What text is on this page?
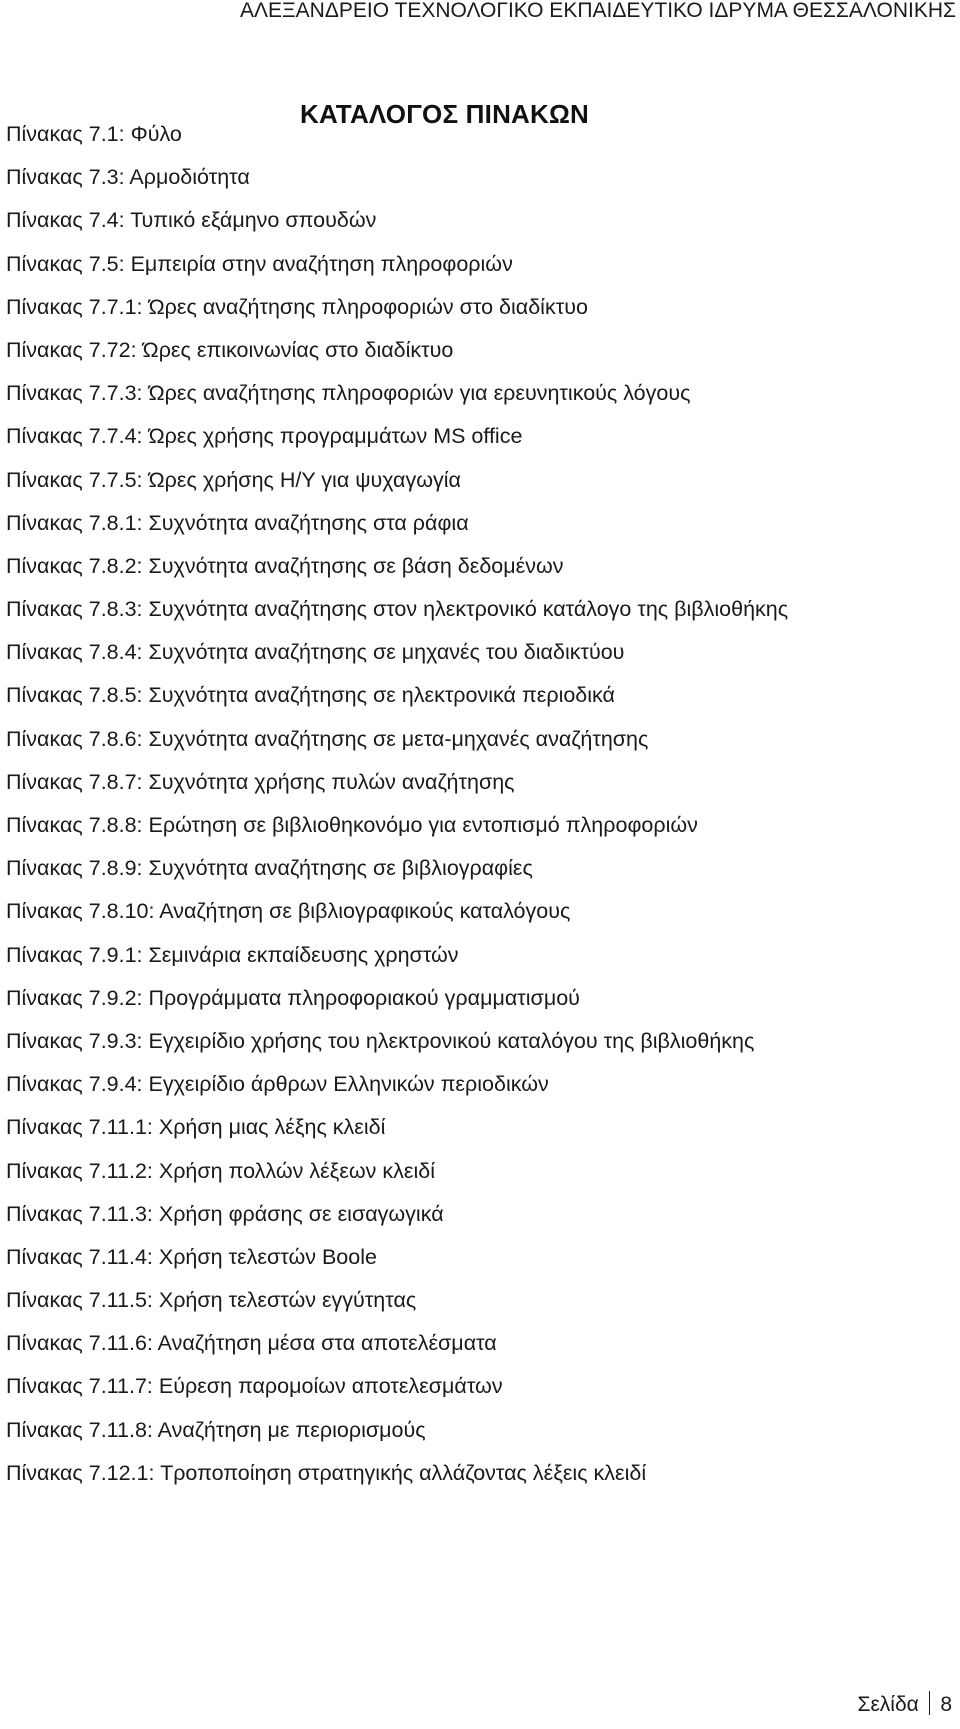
ΑΛΕΞΑΝΔΡΕΙΟ ΤΕΧΝΟΛΟΓΙΚΟ ΕΚΠΑΙΔΕΥΤΙΚΟ ΙΔΡΥΜΑ ΘΕΣΣΑΛΟΝΙΚΗΣ
ΚΑΤΑΛΟΓΟΣ ΠΙΝΑΚΩΝ
Πίνακας 7.1: Φύλο
Πίνακας 7.3: Αρμοδιότητα
Πίνακας 7.4: Τυπικό εξάμηνο σπουδών
Πίνακας 7.5: Εμπειρία στην αναζήτηση πληροφοριών
Πίνακας 7.7.1: Ώρες αναζήτησης πληροφοριών στο διαδίκτυο
Πίνακας 7.72: Ώρες επικοινωνίας στο διαδίκτυο
Πίνακας 7.7.3: Ώρες αναζήτησης πληροφοριών για ερευνητικούς λόγους
Πίνακας 7.7.4: Ώρες χρήσης προγραμμάτων MS office
Πίνακας 7.7.5: Ώρες χρήσης Η/Υ για ψυχαγωγία
Πίνακας 7.8.1: Συχνότητα αναζήτησης στα ράφια
Πίνακας 7.8.2: Συχνότητα αναζήτησης σε βάση δεδομένων
Πίνακας 7.8.3: Συχνότητα αναζήτησης στον ηλεκτρονικό κατάλογο της βιβλιοθήκης
Πίνακας 7.8.4: Συχνότητα αναζήτησης σε μηχανές του διαδικτύου
Πίνακας 7.8.5: Συχνότητα αναζήτησης σε ηλεκτρονικά περιοδικά
Πίνακας 7.8.6: Συχνότητα αναζήτησης σε μετα-μηχανές αναζήτησης
Πίνακας 7.8.7: Συχνότητα χρήσης πυλών αναζήτησης
Πίνακας 7.8.8: Ερώτηση σε βιβλιοθηκονόμο για εντοπισμό πληροφοριών
Πίνακας 7.8.9: Συχνότητα αναζήτησης σε βιβλιογραφίες
Πίνακας 7.8.10: Αναζήτηση σε βιβλιογραφικούς καταλόγους
Πίνακας 7.9.1: Σεμινάρια εκπαίδευσης χρηστών
Πίνακας 7.9.2: Προγράμματα πληροφοριακού γραμματισμού
Πίνακας 7.9.3: Εγχειρίδιο χρήσης του ηλεκτρονικού καταλόγου της βιβλιοθήκης
Πίνακας 7.9.4: Εγχειρίδιο άρθρων Ελληνικών περιοδικών
Πίνακας 7.11.1: Χρήση μιας λέξης κλειδί
Πίνακας 7.11.2: Χρήση πολλών λέξεων κλειδί
Πίνακας 7.11.3: Χρήση φράσης σε εισαγωγικά
Πίνακας 7.11.4: Χρήση τελεστών Boole
Πίνακας 7.11.5: Χρήση τελεστών εγγύτητας
Πίνακας 7.11.6: Αναζήτηση μέσα στα αποτελέσματα
Πίνακας 7.11.7: Εύρεση παρομοίων αποτελεσμάτων
Πίνακας 7.11.8: Αναζήτηση με περιορισμούς
Πίνακας 7.12.1: Τροποποίηση στρατηγικής αλλάζοντας λέξεις κλειδί
Σελίδα 8
